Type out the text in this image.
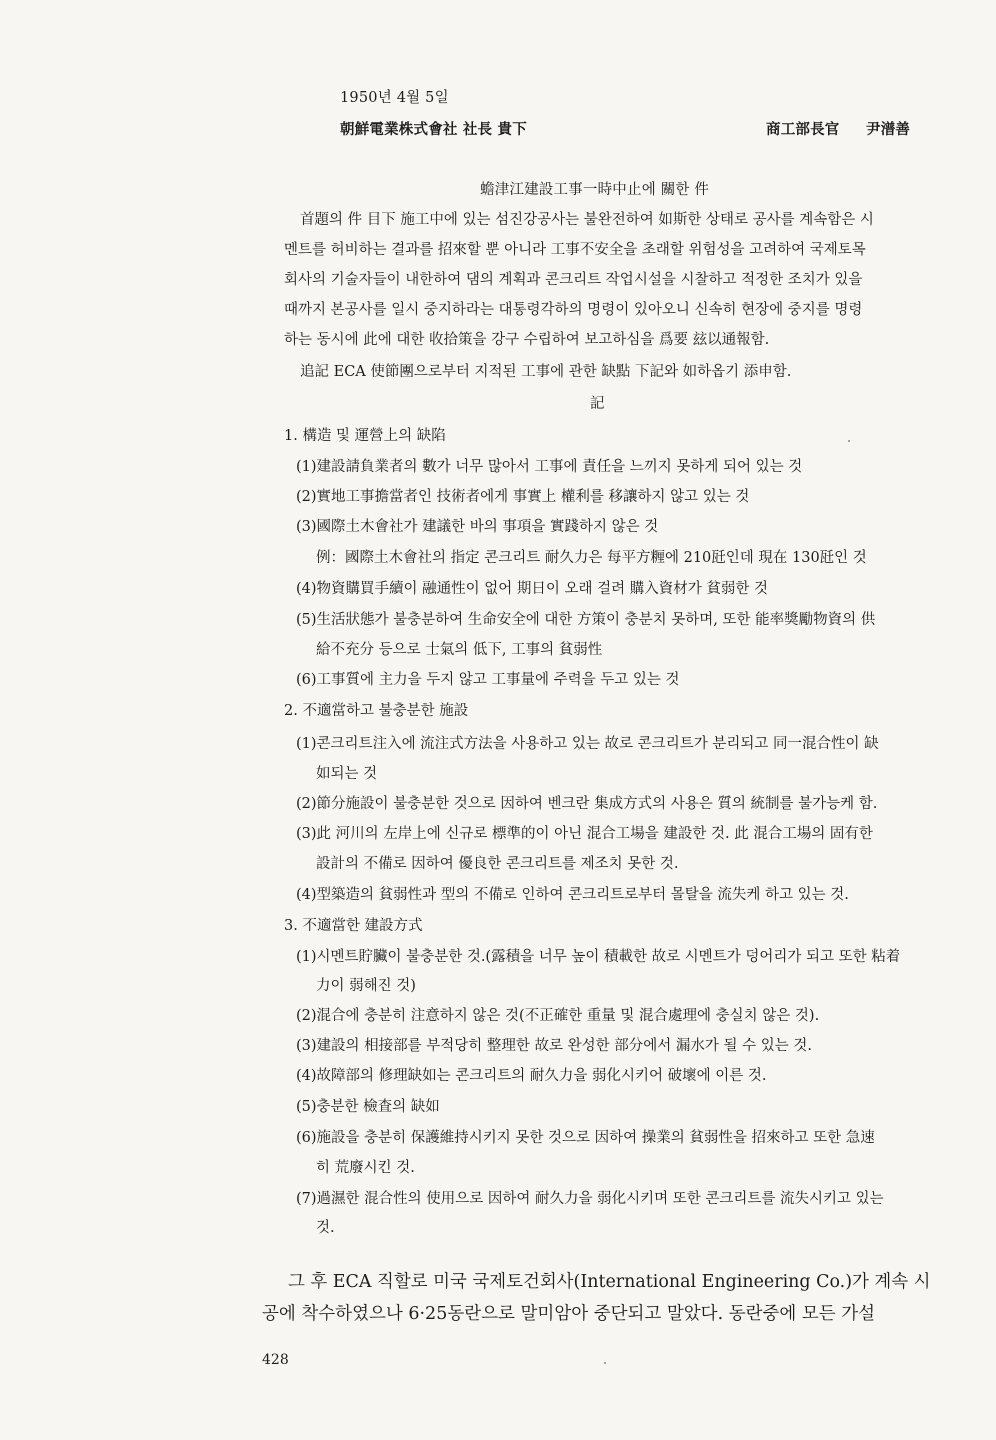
1950년 4월 5일
朝鮮電業株式會社 社長 貴下	商工部長官 尹潽善
蟾津江建設工事一時中止에 關한 件
首題의 件 目下 施工中에 있는 섬진강공사는 불완전하여 如斯한 상태로 공사를 계속함은 시
멘트를 허비하는 결과를 招來할 뿐 아니라 工事不安全을 초래할 위험성을 고려하여 국제토목
회사의 기술자들이 내한하여 댐의 계획과 콘크리트 작업시설을 시찰하고 적정한 조치가 있을
때까지 본공사를 일시 중지하라는 대통령각하의 명령이 있아오니 신속히 현장에 중지를 명령
하는 동시에 此에 대한 收拾策을 강구 수립하여 보고하심을 爲要 玆以通報함.
追記 ECA 使節團으로부터 지적된 工事에 관한 缺點 下記와 如하옵기 添申함.
記
1. 構造 및 運營上의 缺陷
(1)建設請負業者의 數가 너무 많아서 工事에 責任을 느끼지 못하게 되어 있는 것
(2)實地工事擔當者인 技術者에게 事實上 權利를 移讓하지 않고 있는 것
(3)國際土木會社가 建議한 바의 事項을 實踐하지 않은 것
例：國際土木會社의 指定 콘크리트 耐久力은 每平方糎에 210瓩인데 現在 130瓩인 것
(4)物資購買手續이 融通性이 없어 期日이 오래 걸려 購入資材가 貧弱한 것
(5)生活狀態가 불충분하여 生命安全에 대한 方策이 충분치 못하며, 또한 能率獎勵物資의 供
給不充分 등으로 士氣의 低下, 工事의 貧弱性
(6)工事質에 主力을 두지 않고 工事量에 주력을 두고 있는 것
2. 不適當하고 불충분한 施設
(1)콘크리트注入에 流注式方法을 사용하고 있는 故로 콘크리트가 분리되고 同一混合性이 缺
如되는 것
(2)節分施設이 불충분한 것으로 因하여 벤크란 集成方式의 사용은 質의 統制를 불가능케 함.
(3)此 河川의 左岸上에 신규로 標準的이 아닌 混合工場을 建設한 것. 此 混合工場의 固有한
設計의 不備로 因하여 優良한 콘크리트를 제조치 못한 것.
(4)型築造의 貧弱性과 型의 不備로 인하여 콘크리트로부터 몰탈을 流失케 하고 있는 것.
3. 不適當한 建設方式
(1)시멘트貯臟이 불충분한 것.(露積을 너무 높이 積載한 故로 시멘트가 덩어리가 되고 또한 粘着
力이 弱해진 것)
(2)混合에 충분히 注意하지 않은 것(不正確한 重量 및 混合處理에 충실치 않은 것).
(3)建設의 相接部를 부적당히 整理한 故로 완성한 部分에서 漏水가 될 수 있는 것.
(4)故障部의 修理缺如는 콘크리트의 耐久力을 弱化시키어 破壞에 이른 것.
(5)충분한 檢査의 缺如
(6)施設을 충분히 保護維持시키지 못한 것으로 因하여 操業의 貧弱性을 招來하고 또한 急速
히 荒廢시킨 것.
(7)過濕한 混合性의 使用으로 因하여 耐久力을 弱化시키며 또한 콘크리트를 流失시키고 있는
것.
그 후 ECA 직할로 미국 국제토건회사(International Engineering Co.)가 계속 시
공에 착수하였으나 6·25동란으로 말미암아 중단되고 말았다. 동란중에 모든 가설
428
